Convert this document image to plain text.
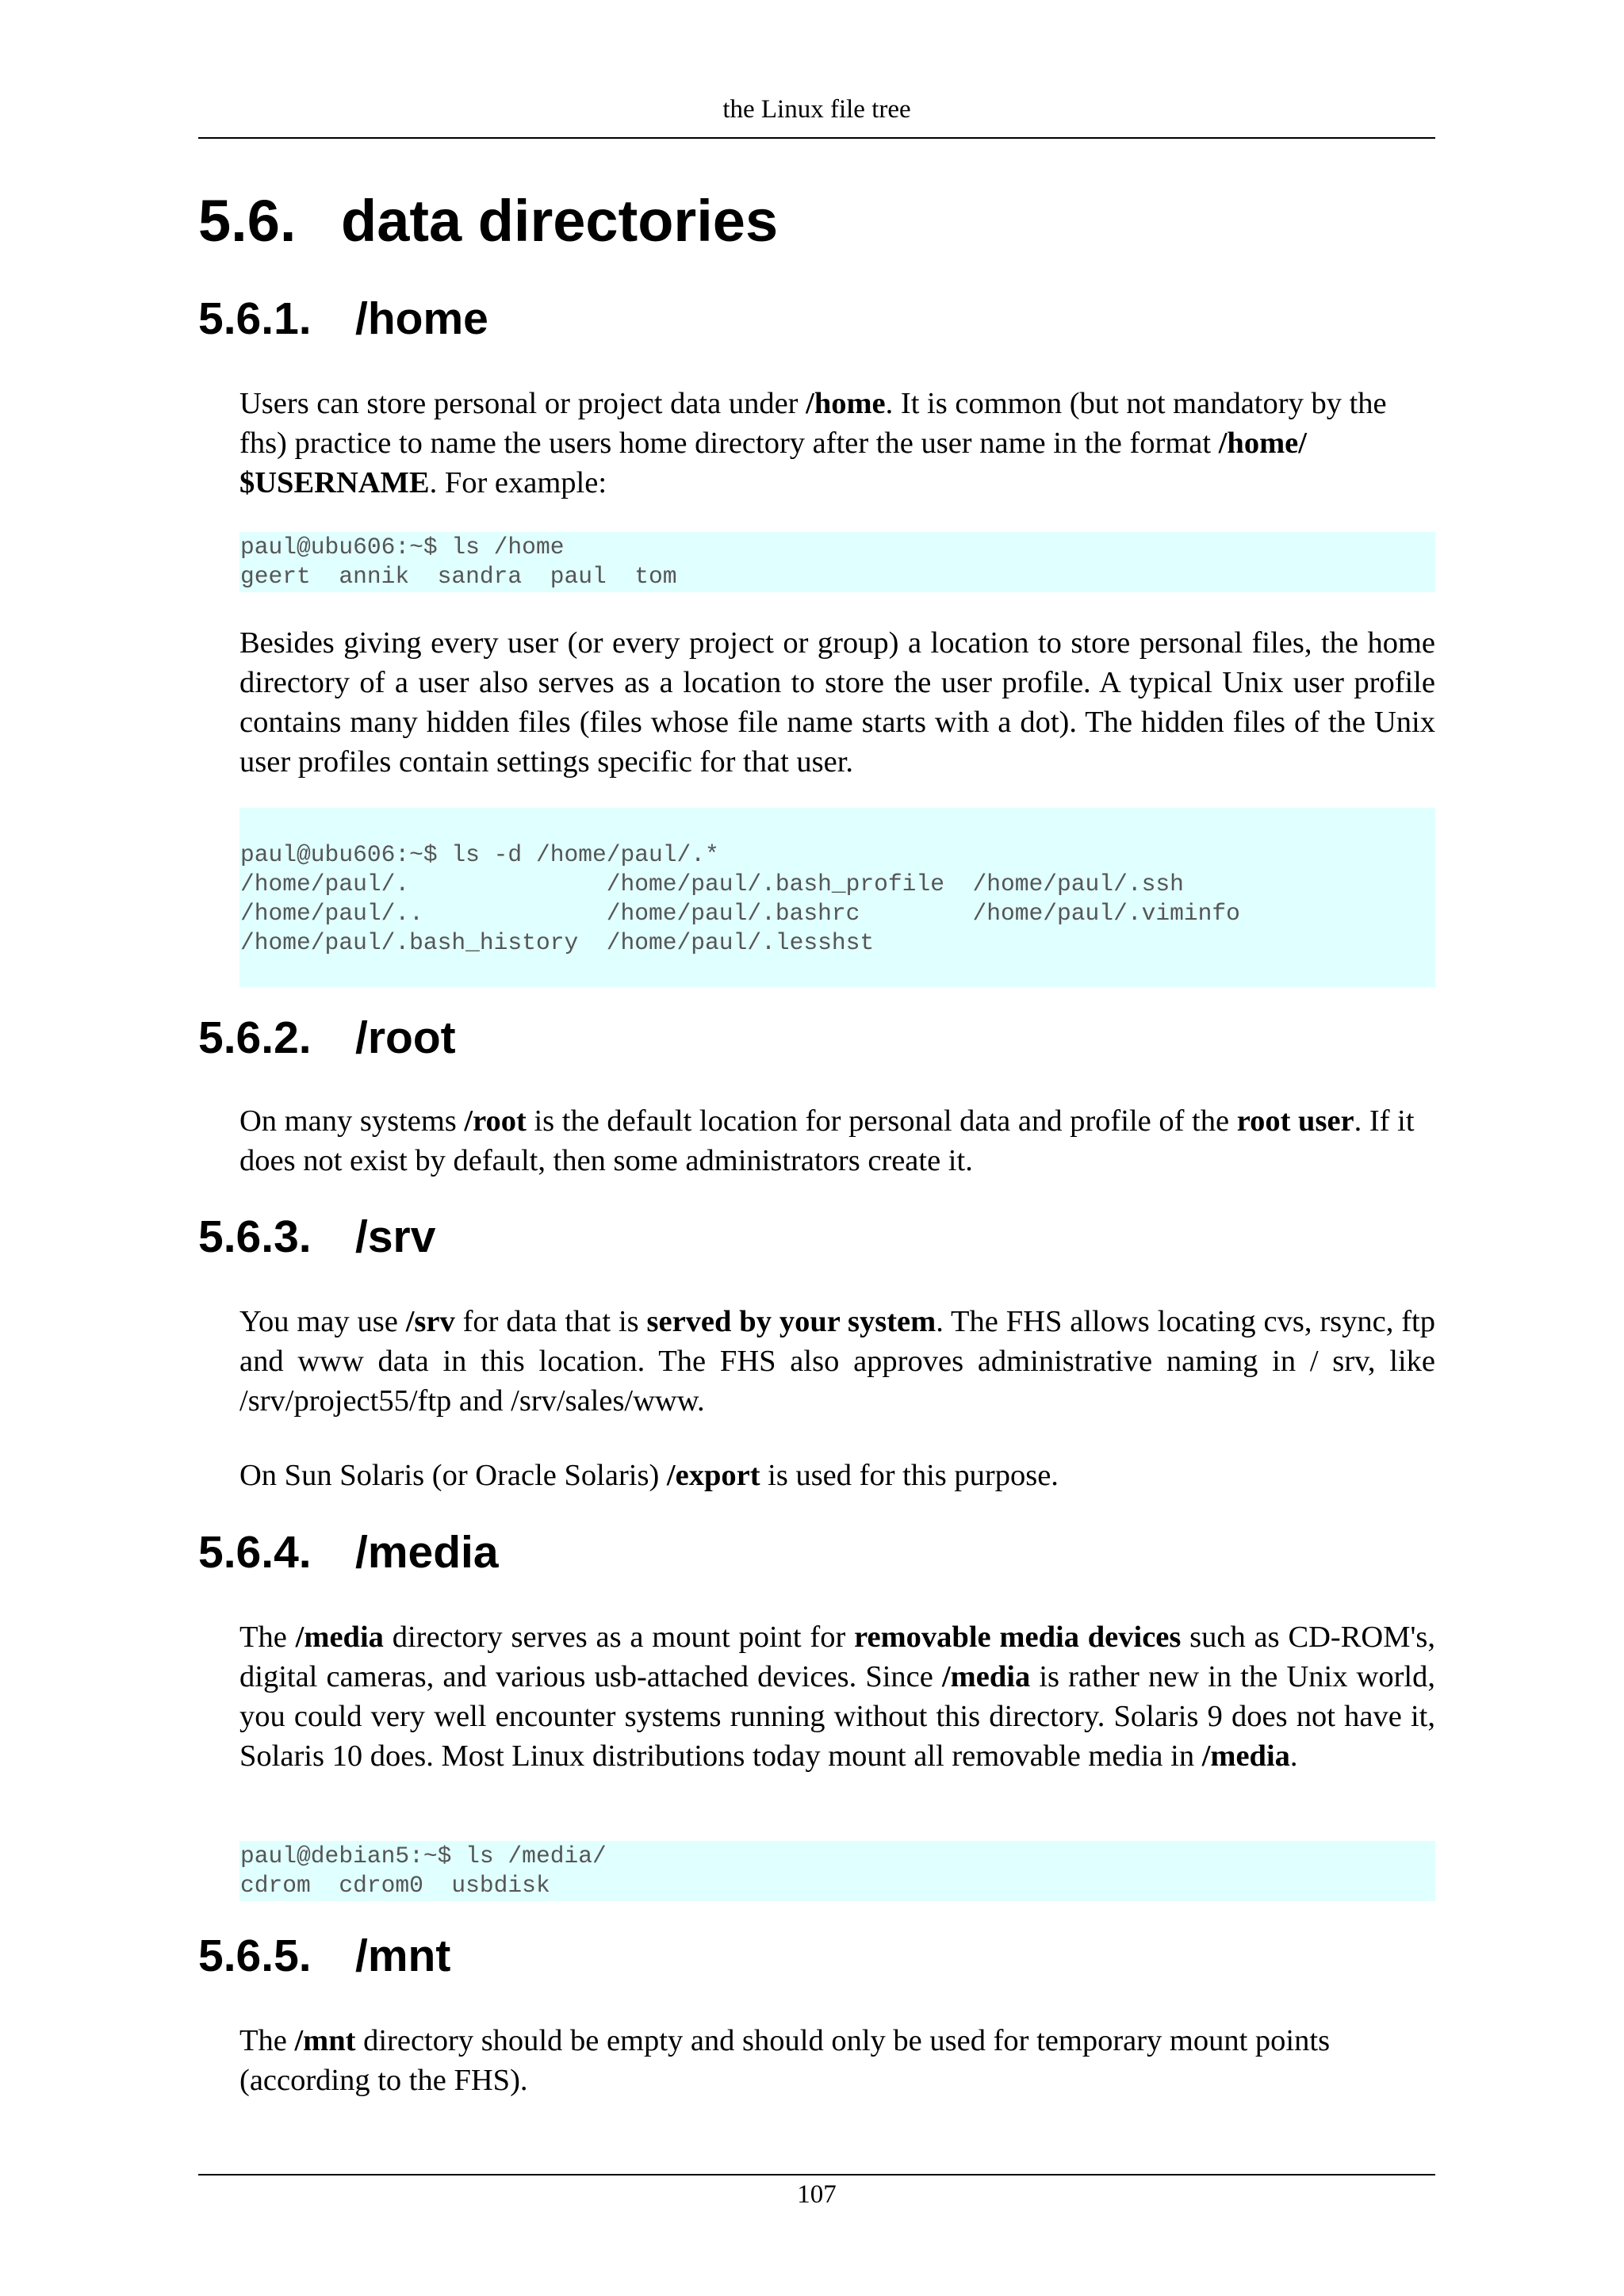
the Linux file tree
5.6. data directories
5.6.1. /home

Users can store personal or project data under /home. It is common (but not mandatory by the fhs) practice to name the users home directory after the user name in the format /home/ $USERNAME. For example:

paul@ubu606:~$ ls /home
geert  annik  sandra  paul  tom

Besides giving every user (or every project or group) a location to store personal files, the home directory of a user also serves as a location to store the user profile. A typical Unix user profile contains many hidden files (files whose file name starts with a dot). The hidden files of the Unix user profiles contain settings specific for that user.

paul@ubu606:~$ ls -d /home/paul/.*
/home/paul/.              /home/paul/.bash_profile  /home/paul/.ssh
/home/paul/..             /home/paul/.bashrc        /home/paul/.viminfo
/home/paul/.bash_history  /home/paul/.lesshst
5.6.2. /root

On many systems /root is the default location for personal data and profile of the root user. If it does not exist by default, then some administrators create it.

5.6.3. /srv

You may use /srv for data that is served by your system. The FHS allows locating cvs, rsync, ftp and www data in this location. The FHS also approves administrative naming in / srv, like /srv/project55/ftp and /srv/sales/www.

On Sun Solaris (or Oracle Solaris) /export is used for this purpose.

5.6.4. /media

The /media directory serves as a mount point for removable media devices such as CD-ROM's, digital cameras, and various usb-attached devices. Since /media is rather new in the Unix world, you could very well encounter systems running without this directory. Solaris 9 does not have it, Solaris 10 does. Most Linux distributions today mount all removable media in /media.

paul@debian5:~$ ls /media/
cdrom  cdrom0  usbdisk
5.6.5. /mnt

The /mnt directory should be empty and should only be used for temporary mount points (according to the FHS).

107
